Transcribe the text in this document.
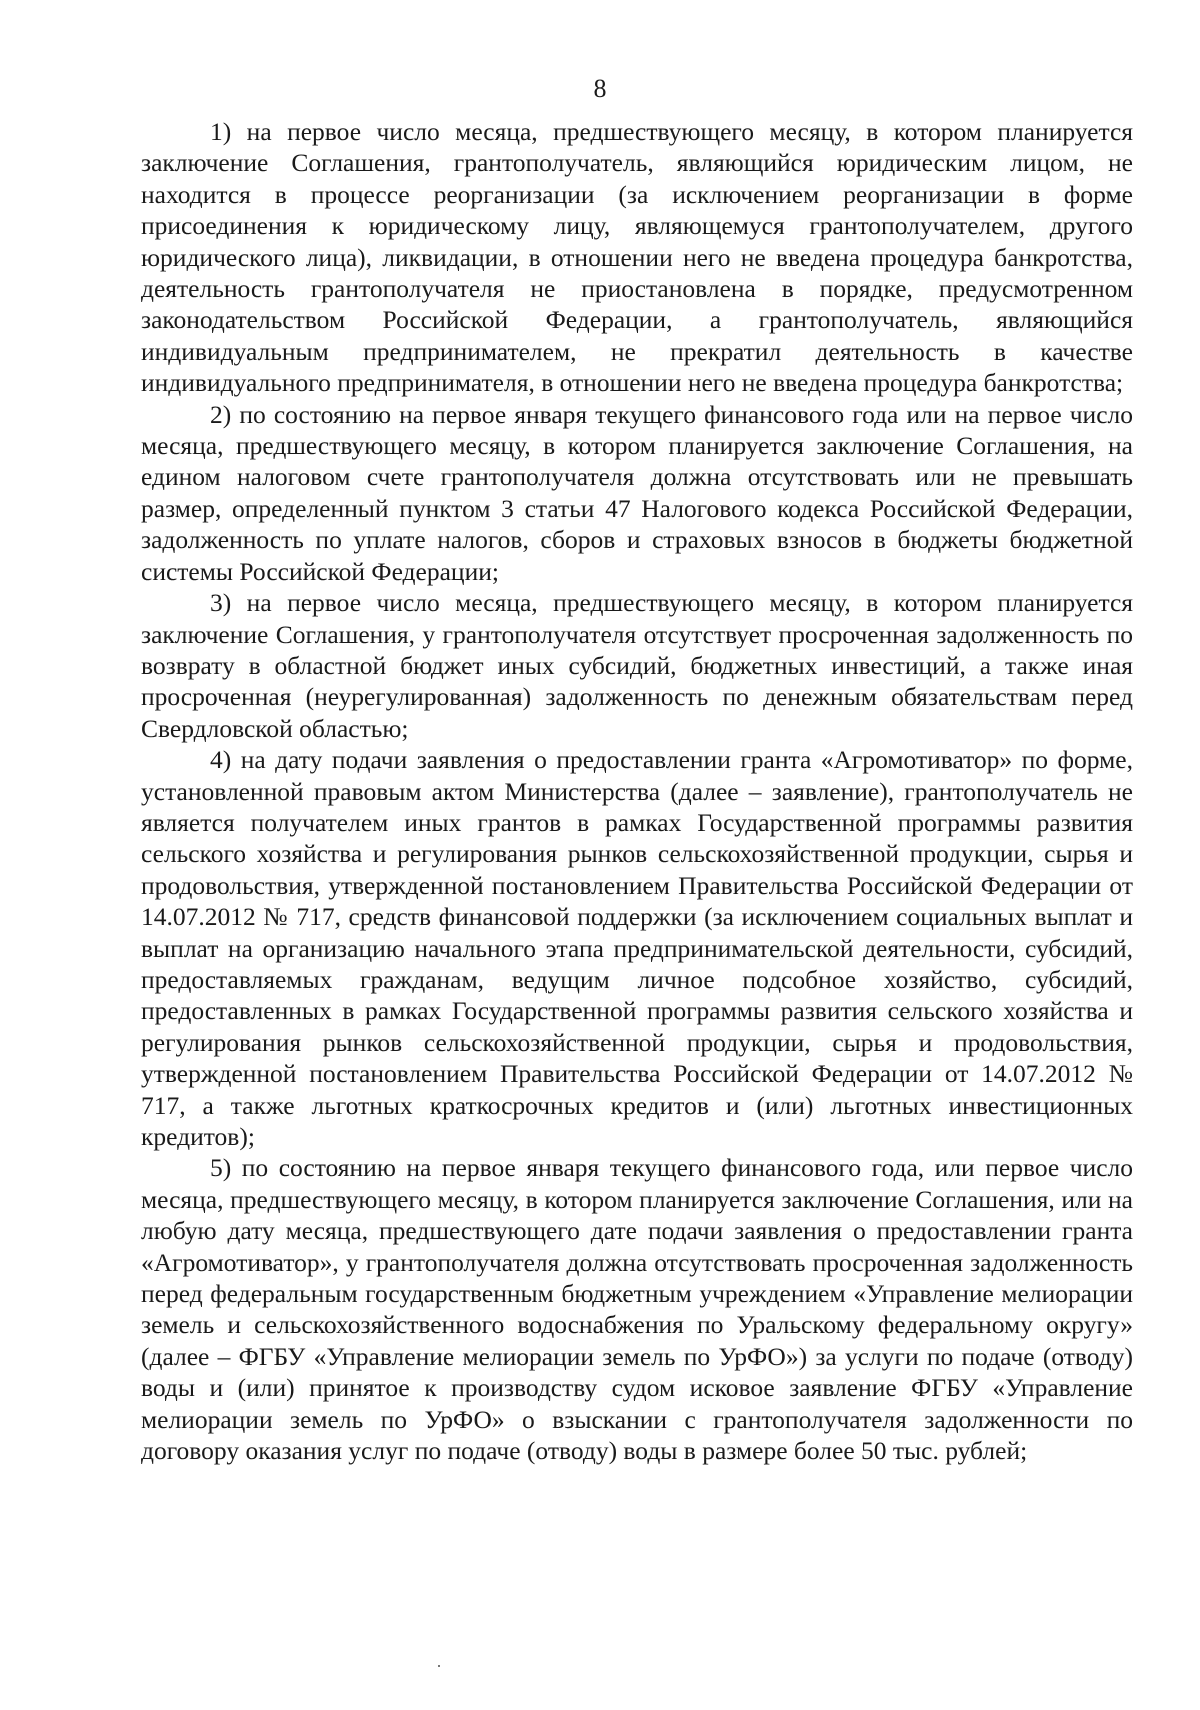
8

1) на первое число месяца, предшествующего месяцу, в котором планируется заключение Соглашения, грантополучатель, являющийся юридическим лицом, не находится в процессе реорганизации (за исключением реорганизации в форме присоединения к юридическому лицу, являющемуся грантополучателем, другого юридического лица), ликвидации, в отношении него не введена процедура банкротства, деятельность грантополучателя не приостановлена в порядке, предусмотренном законодательством Российской Федерации, а грантополучатель, являющийся индивидуальным предпринимателем, не прекратил деятельность в качестве индивидуального предпринимателя, в отношении него не введена процедура банкротства;

2) по состоянию на первое января текущего финансового года или на первое число месяца, предшествующего месяцу, в котором планируется заключение Соглашения, на едином налоговом счете грантополучателя должна отсутствовать или не превышать размер, определенный пунктом 3 статьи 47 Налогового кодекса Российской Федерации, задолженность по уплате налогов, сборов и страховых взносов в бюджеты бюджетной системы Российской Федерации;

3) на первое число месяца, предшествующего месяцу, в котором планируется заключение Соглашения, у грантополучателя отсутствует просроченная задолженность по возврату в областной бюджет иных субсидий, бюджетных инвестиций, а также иная просроченная (неурегулированная) задолженность по денежным обязательствам перед Свердловской областью;

4) на дату подачи заявления о предоставлении гранта «Агромотиватор» по форме, установленной правовым актом Министерства (далее – заявление), грантополучатель не является получателем иных грантов в рамках Государственной программы развития сельского хозяйства и регулирования рынков сельскохозяйственной продукции, сырья и продовольствия, утвержденной постановлением Правительства Российской Федерации от 14.07.2012 № 717, средств финансовой поддержки (за исключением социальных выплат и выплат на организацию начального этапа предпринимательской деятельности, субсидий, предоставляемых гражданам, ведущим личное подсобное хозяйство, субсидий, предоставленных в рамках Государственной программы развития сельского хозяйства и регулирования рынков сельскохозяйственной продукции, сырья и продовольствия, утвержденной постановлением Правительства Российской Федерации от 14.07.2012 № 717, а также льготных краткосрочных кредитов и (или) льготных инвестиционных кредитов);

5) по состоянию на первое января текущего финансового года, или первое число месяца, предшествующего месяцу, в котором планируется заключение Соглашения, или на любую дату месяца, предшествующего дате подачи заявления о предоставлении гранта «Агромотиватор», у грантополучателя должна отсутствовать просроченная задолженность перед федеральным государственным бюджетным учреждением «Управление мелиорации земель и сельскохозяйственного водоснабжения по Уральскому федеральному округу» (далее – ФГБУ «Управление мелиорации земель по УрФО») за услуги по подаче (отводу) воды и (или) принятое к производству судом исковое заявление ФГБУ «Управление мелиорации земель по УрФО» о взыскании с грантополучателя задолженности по договору оказания услуг по подаче (отводу) воды в размере более 50 тыс. рублей;
